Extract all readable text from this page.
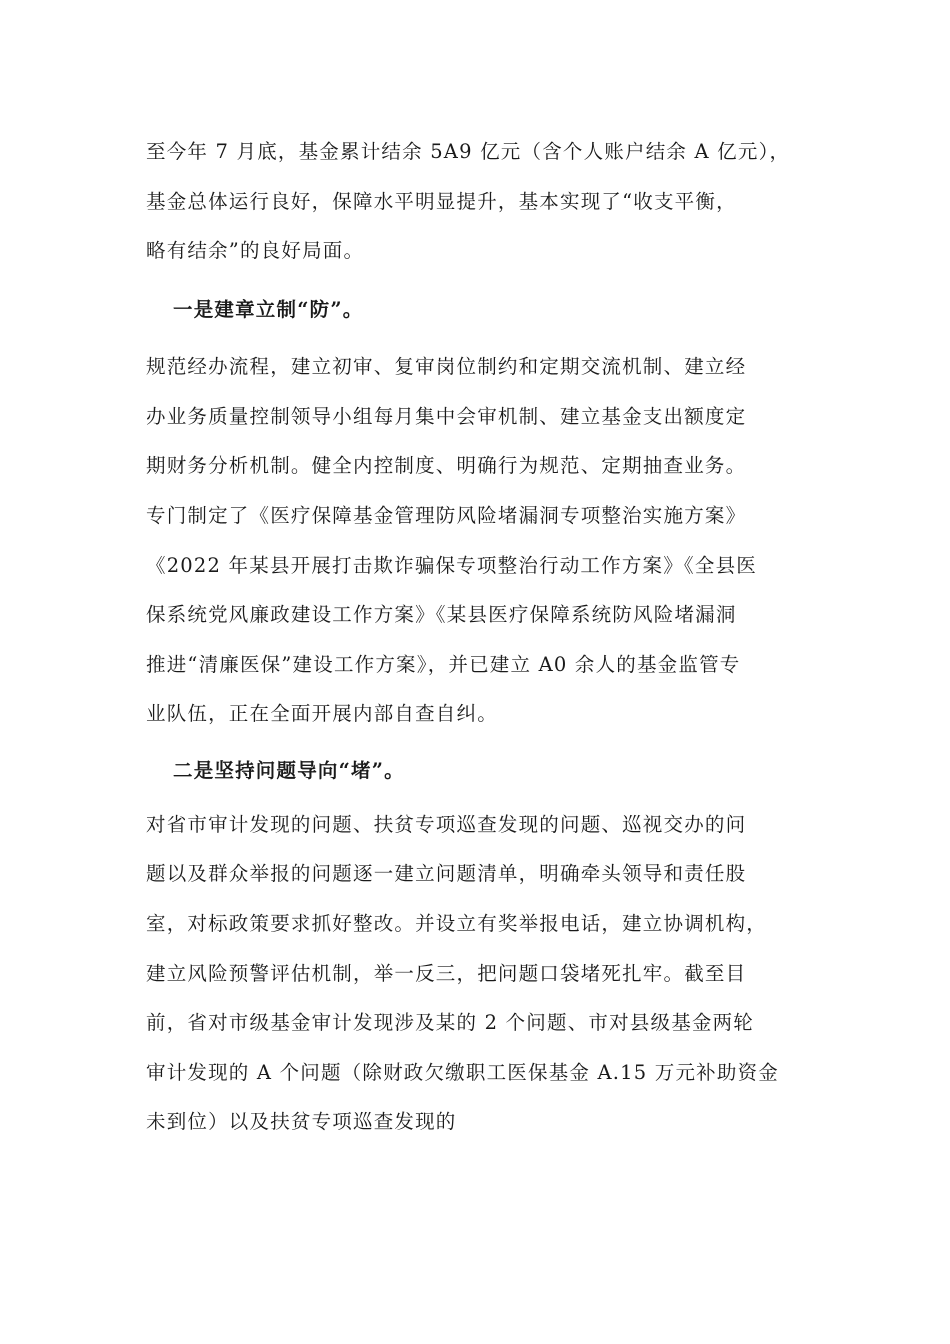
至今年 7 月底，基金累计结余 5A9 亿元（含个人账户结余 A 亿元），
基金总体运行良好，保障水平明显提升，基本实现了“收支平衡，
略有结余”的良好局面。
一是建章立制“防”。
规范经办流程，建立初审、复审岗位制约和定期交流机制、建立经
办业务质量控制领导小组每月集中会审机制、建立基金支出额度定
期财务分析机制。健全内控制度、明确行为规范、定期抽查业务。
专门制定了《医疗保障基金管理防风险堵漏洞专项整治实施方案》
《2022 年某县开展打击欺诈骗保专项整治行动工作方案》《全县医
保系统党风廉政建设工作方案》《某县医疗保障系统防风险堵漏洞
推进“清廉医保”建设工作方案》，并已建立 A0 余人的基金监管专
业队伍，正在全面开展内部自查自纠。
二是坚持问题导向“堵”。
对省市审计发现的问题、扶贫专项巡查发现的问题、巡视交办的问
题以及群众举报的问题逐一建立问题清单，明确牵头领导和责任股
室，对标政策要求抓好整改。并设立有奖举报电话，建立协调机构，
建立风险预警评估机制，举一反三，把问题口袋堵死扎牢。截至目
前，省对市级基金审计发现涉及某的 2 个问题、市对县级基金两轮
审计发现的 A 个问题（除财政欠缴职工医保基金 A.15 万元补助资金
未到位）以及扶贫专项巡查发现的
